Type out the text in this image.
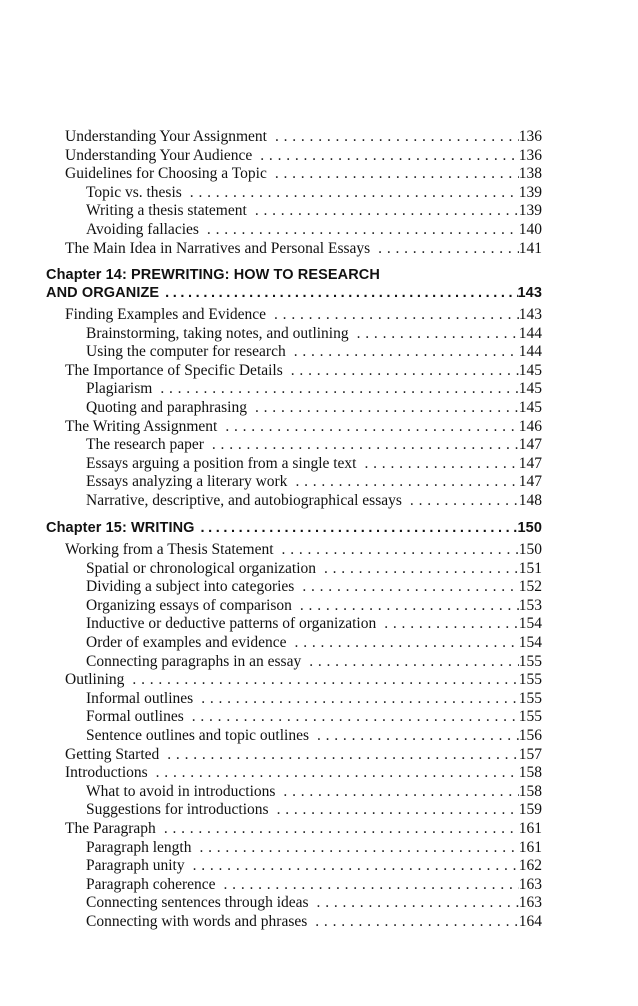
Understanding Your Assignment . . .	136
Understanding Your Audience . . .	136
Guidelines for Choosing a Topic . . .	138
Topic vs. thesis . . .	139
Writing a thesis statement . . .	139
Avoiding fallacies . . .	140
The Main Idea in Narratives and Personal Essays . . .	141
Chapter 14: PREWRITING: HOW TO RESEARCH
AND ORGANIZE .....	143
Finding Examples and Evidence . . .	143
Brainstorming, taking notes, and outlining . . .	144
Using the computer for research . . .	144
The Importance of Specific Details . . .	145
Plagiarism . . .	145
Quoting and paraphrasing . . .	145
The Writing Assignment . . .	146
The research paper . . .	147
Essays arguing a position from a single text . . .	147
Essays analyzing a literary work . . .	147
Narrative, descriptive, and autobiographical essays . . .	148
Chapter 15: WRITING .....	150
Working from a Thesis Statement . . .	150
Spatial or chronological organization . . .	151
Dividing a subject into categories . . .	152
Organizing essays of comparison . . .	153
Inductive or deductive patterns of organization . . .	154
Order of examples and evidence . . .	154
Connecting paragraphs in an essay . . .	155
Outlining . . .	155
Informal outlines . . .	155
Formal outlines . . .	155
Sentence outlines and topic outlines . . .	156
Getting Started . . .	157
Introductions . . .	158
What to avoid in introductions . . .	158
Suggestions for introductions . . .	159
The Paragraph . . .	161
Paragraph length . . .	161
Paragraph unity . . .	162
Paragraph coherence . . .	163
Connecting sentences through ideas . . .	163
Connecting with words and phrases . . .	164
